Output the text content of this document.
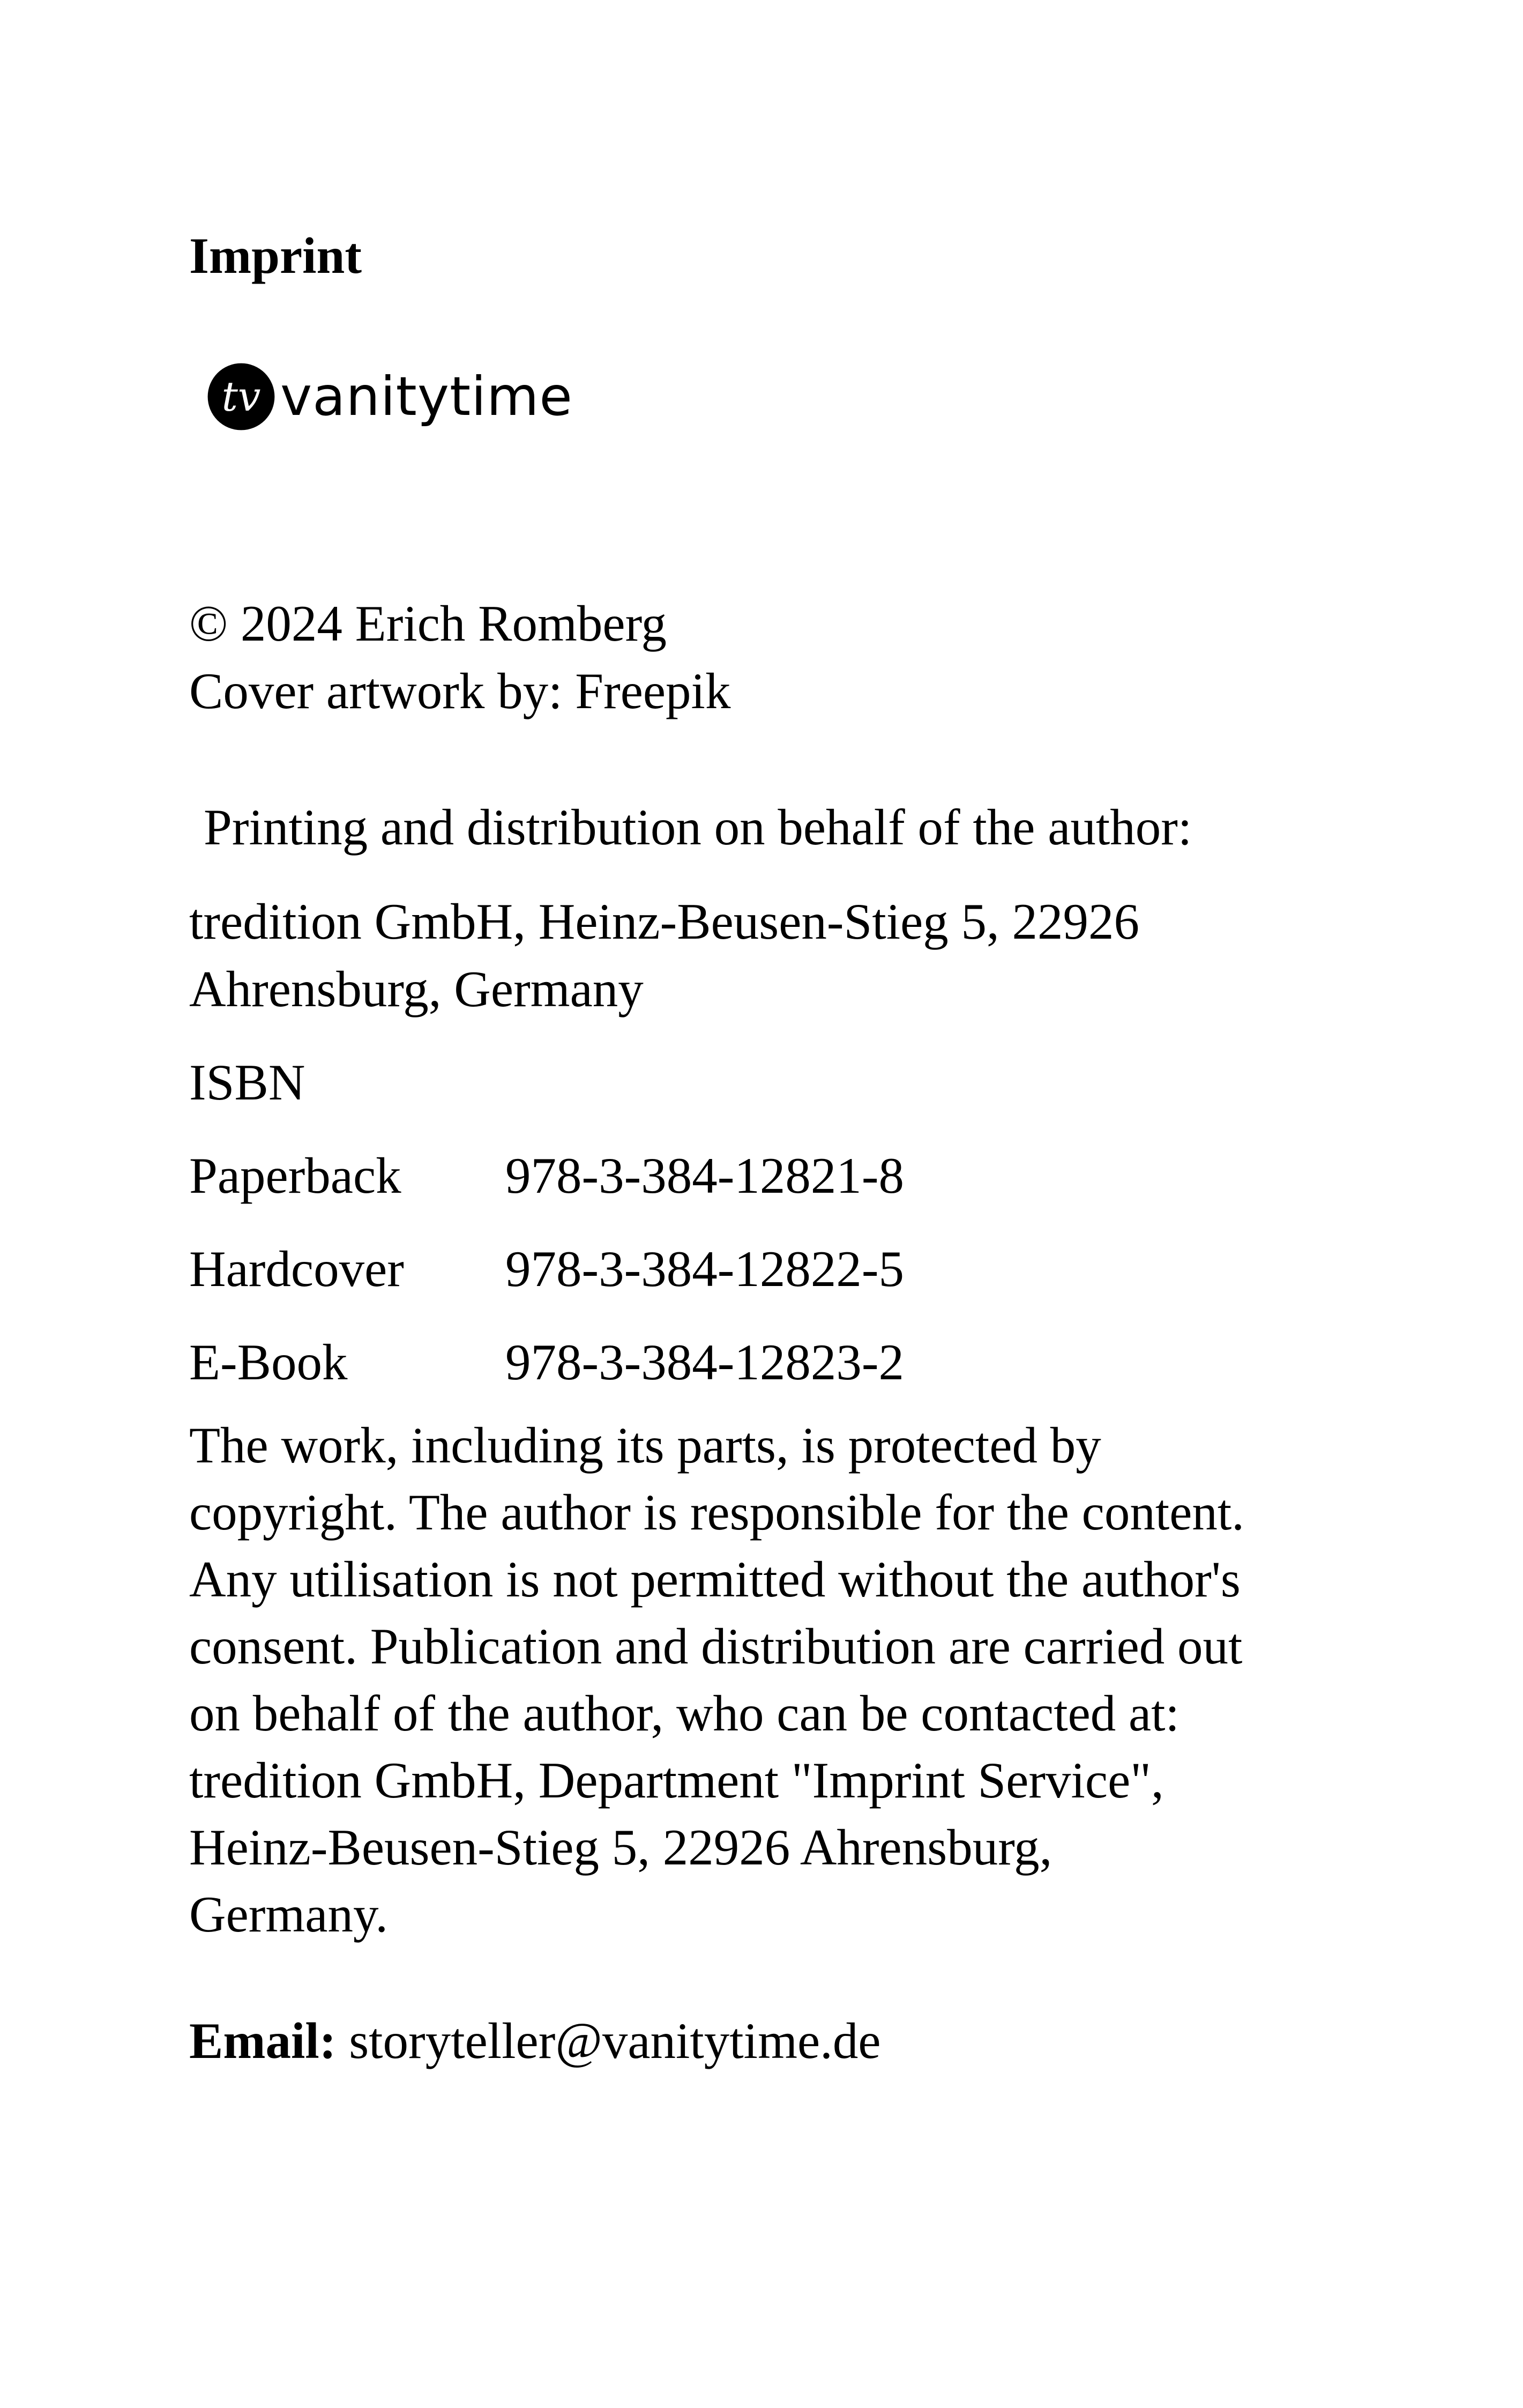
Imprint
tv vanitytime
© 2024 Erich Romberg
Cover artwork by: Freepik
Printing and distribution on behalf of the author:
tredition GmbH, Heinz-Beusen-Stieg 5, 22926
Ahrensburg, Germany
ISBN
Paperback 978-3-384-12821-8
Hardcover 978-3-384-12822-5
E-Book	978-3-384-12823-2
The work, including its parts, is protected by
copyright. The author is responsible for the content.
Any utilisation is not permitted without the author's
consent. Publication and distribution are carried out
on behalf of the author, who can be contacted at:
tredition GmbH, Department "Imprint Service",
Heinz-Beusen-Stieg 5, 22926 Ahrensburg,
Germany.
Email: storyteller@vanitytime.de
